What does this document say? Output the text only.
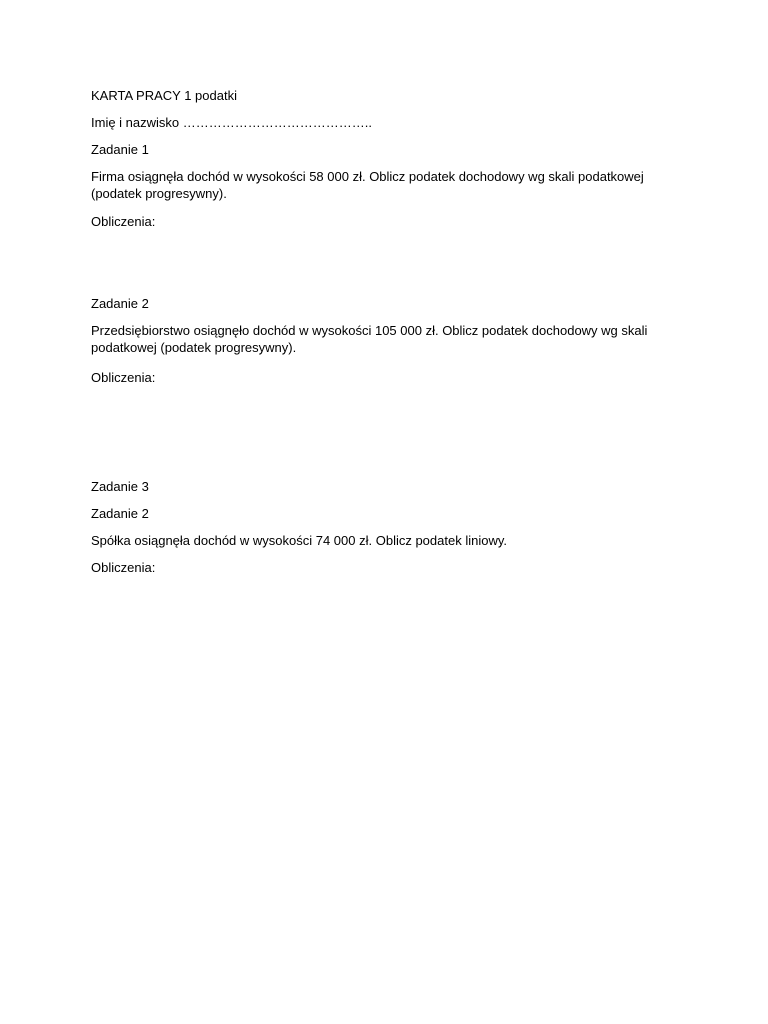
KARTA PRACY 1 podatki
Imię i nazwisko ……………………………………..
Zadanie 1
Firma osiągnęła dochód w wysokości 58 000 zł. Oblicz podatek dochodowy wg skali podatkowej (podatek progresywny).
Obliczenia:
Zadanie 2
Przedsiębiorstwo osiągnęło dochód w wysokości 105 000 zł. Oblicz podatek dochodowy wg skali podatkowej (podatek progresywny).
Obliczenia:
Zadanie 3
Zadanie 2
Spółka osiągnęła dochód w wysokości 74 000 zł. Oblicz podatek liniowy.
Obliczenia:
